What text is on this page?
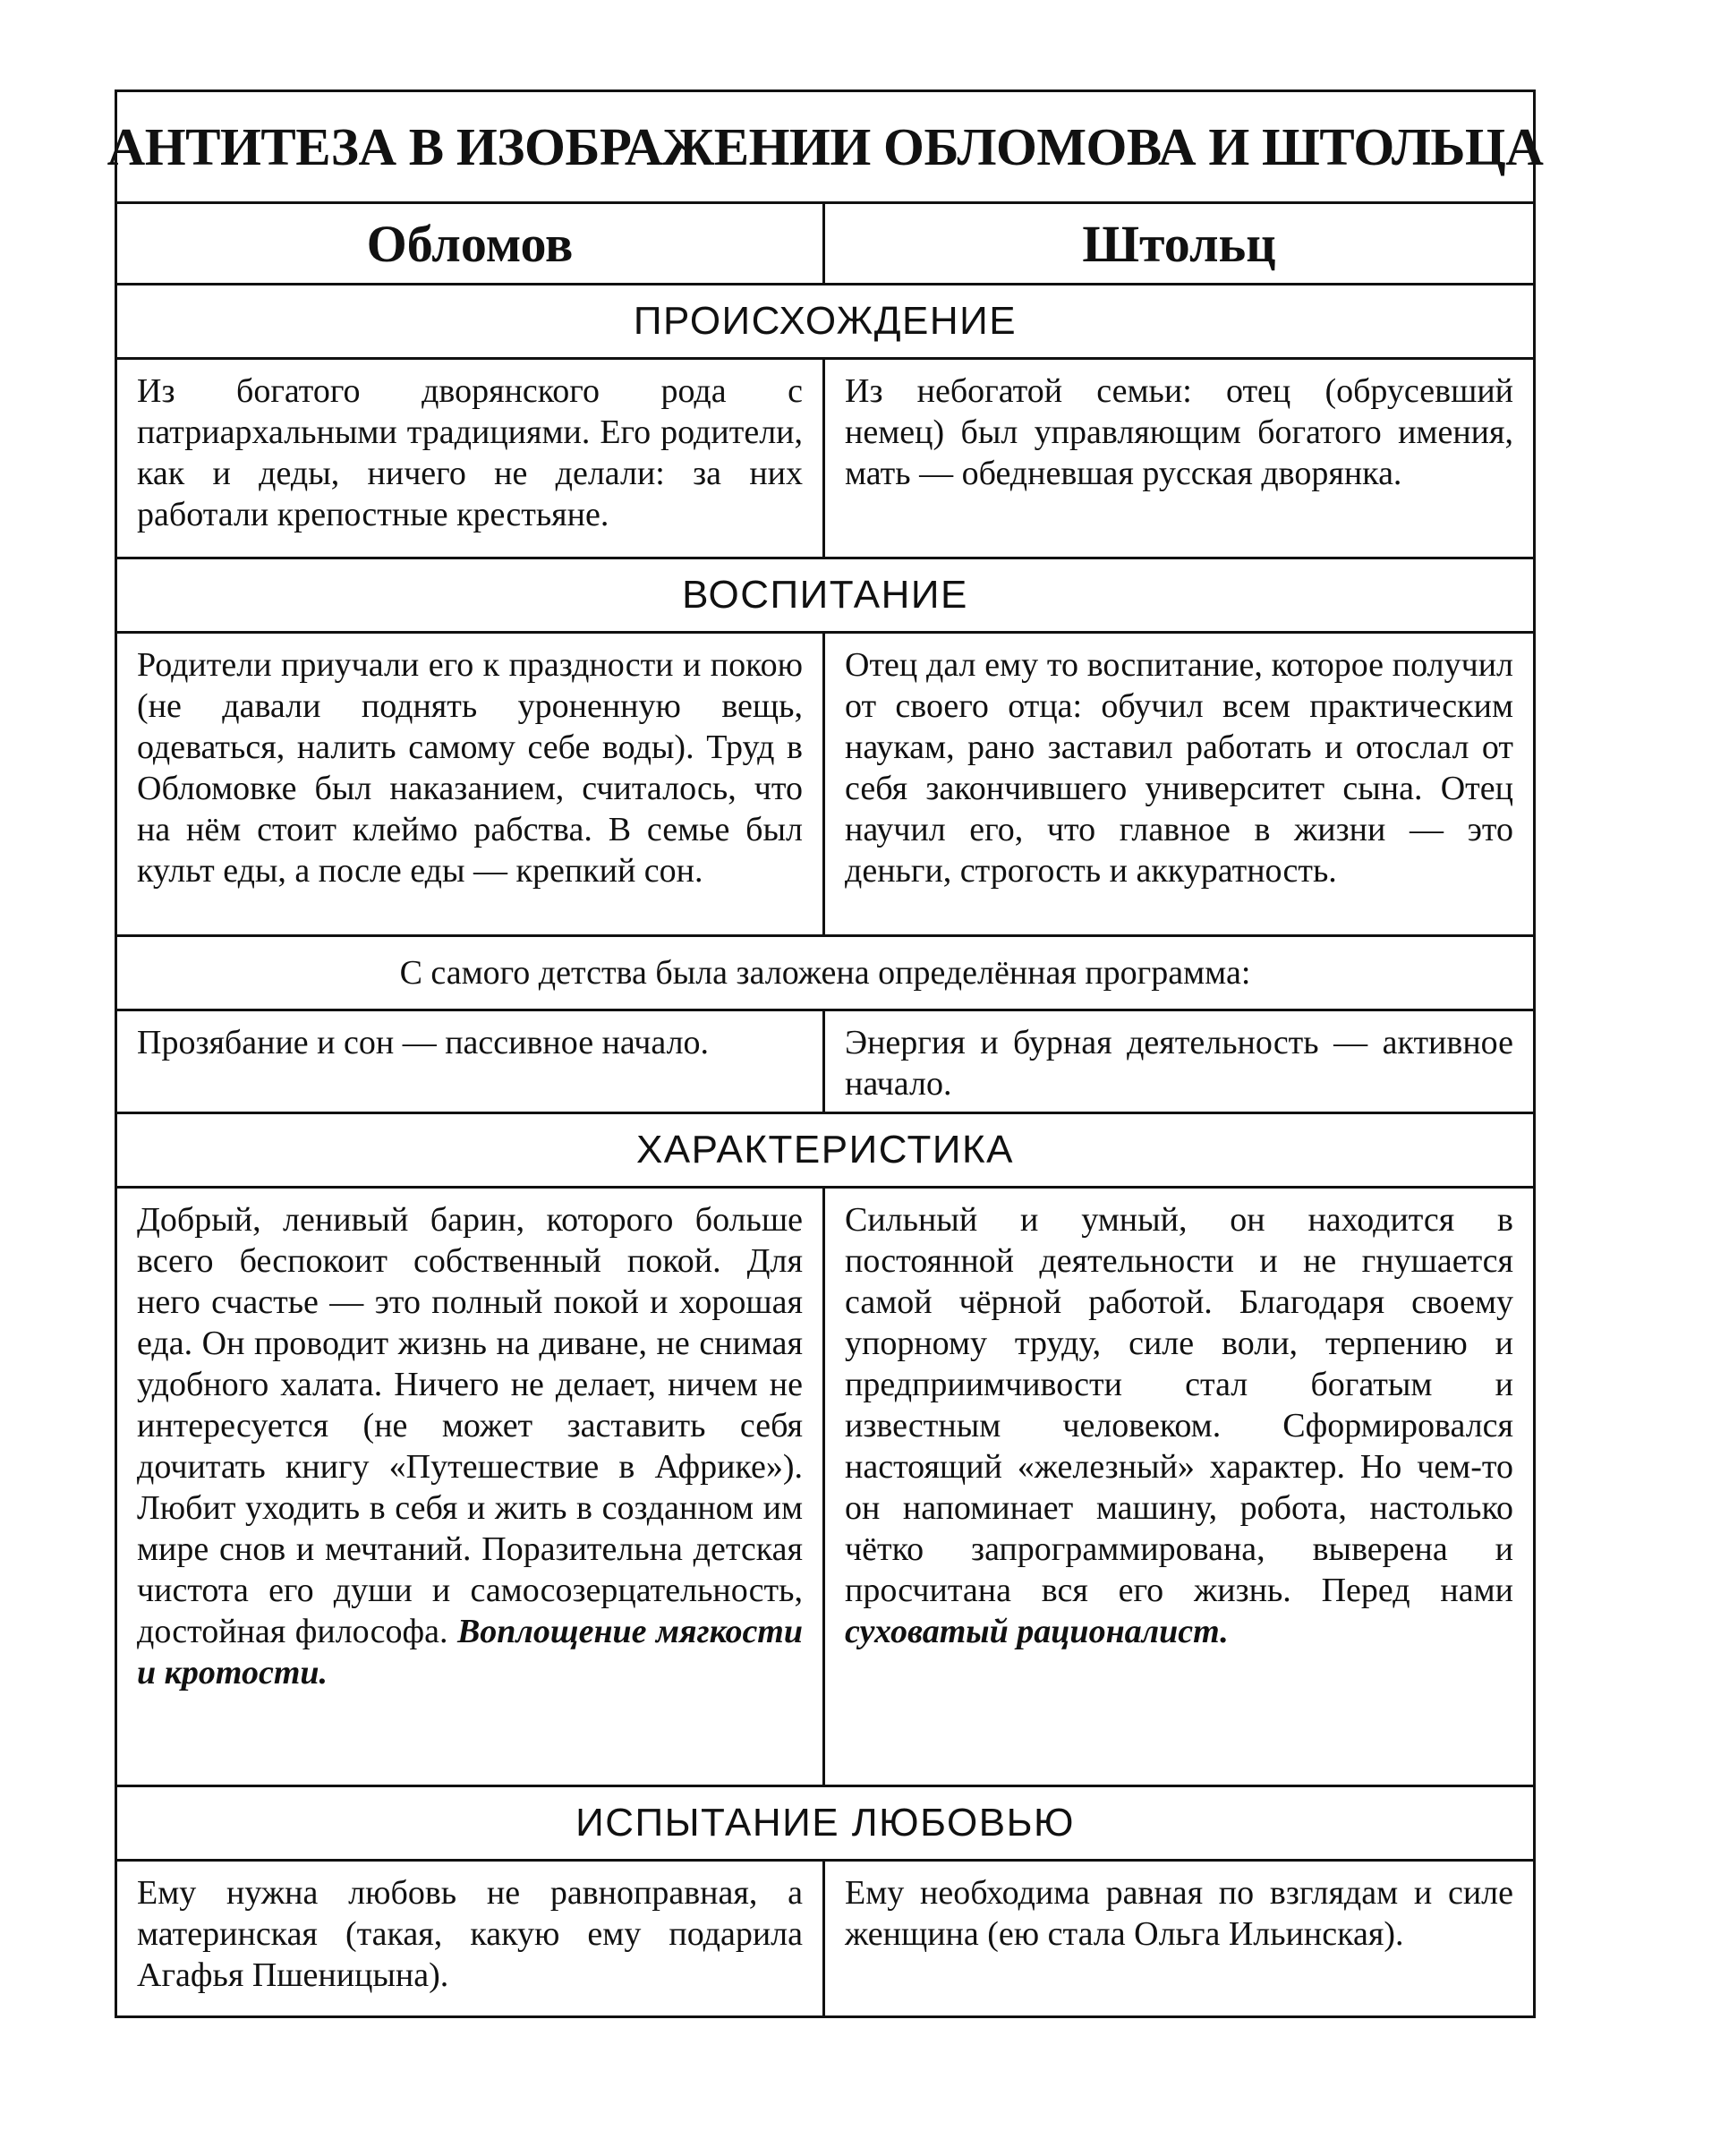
АНТИТЕЗА В ИЗОБРАЖЕНИИ ОБЛОМОВА И ШТОЛЬЦА
Обломов	Штольц
ПРОИСХОЖДЕНИЕ
Из богатого дворянского рода с патриархальными традициями. Его родители, как и деды, ничего не делали: за них работали крепостные крестьяне.
Из небогатой семьи: отец (обрусевший немец) был управляющим богатого имения, мать — обедневшая русская дворянка.
ВОСПИТАНИЕ
Родители приучали его к праздности и покою (не давали поднять уроненную вещь, одеваться, налить самому себе воды). Труд в Обломовке был наказанием, считалось, что на нём стоит клеймо рабства. В семье был культ еды, а после еды — крепкий сон.
Отец дал ему то воспитание, которое получил от своего отца: обучил всем практическим наукам, рано заставил работать и отослал от себя закончившего университет сына. Отец научил его, что главное в жизни — это деньги, строгость и аккуратность.
С самого детства была заложена определённая программа:
Прозябание и сон — пассивное начало.	Энергия и бурная деятельность — активное начало.
ХАРАКТЕРИСТИКА
Добрый, ленивый барин, которого больше всего беспокоит собственный покой. Для него счастье — это полный покой и хорошая еда. Он проводит жизнь на диване, не снимая удобного халата. Ничего не делает, ничем не интересуется (не может заставить себя дочитать книгу «Путешествие в Африке»). Любит уходить в себя и жить в созданном им мире снов и мечтаний. Поразительна детская чистота его души и самосозерцательность, достойная философа. Воплощение мягкости и кротости.
Сильный и умный, он находится в постоянной деятельности и не гнушается самой чёрной работой. Благодаря своему упорному труду, силе воли, терпению и предприимчивости стал богатым и известным человеком. Сформировался настоящий «железный» характер. Но чем-то он напоминает машину, робота, настолько чётко запрограммирована, выверена и просчитана вся его жизнь. Перед нами суховатый рационалист.
ИСПЫТАНИЕ ЛЮБОВЬЮ
Ему нужна любовь не равноправная, а материнская (такая, какую ему подарила Агафья Пшеницына).
Ему необходима равная по взглядам и силе женщина (ею стала Ольга Ильинская).
